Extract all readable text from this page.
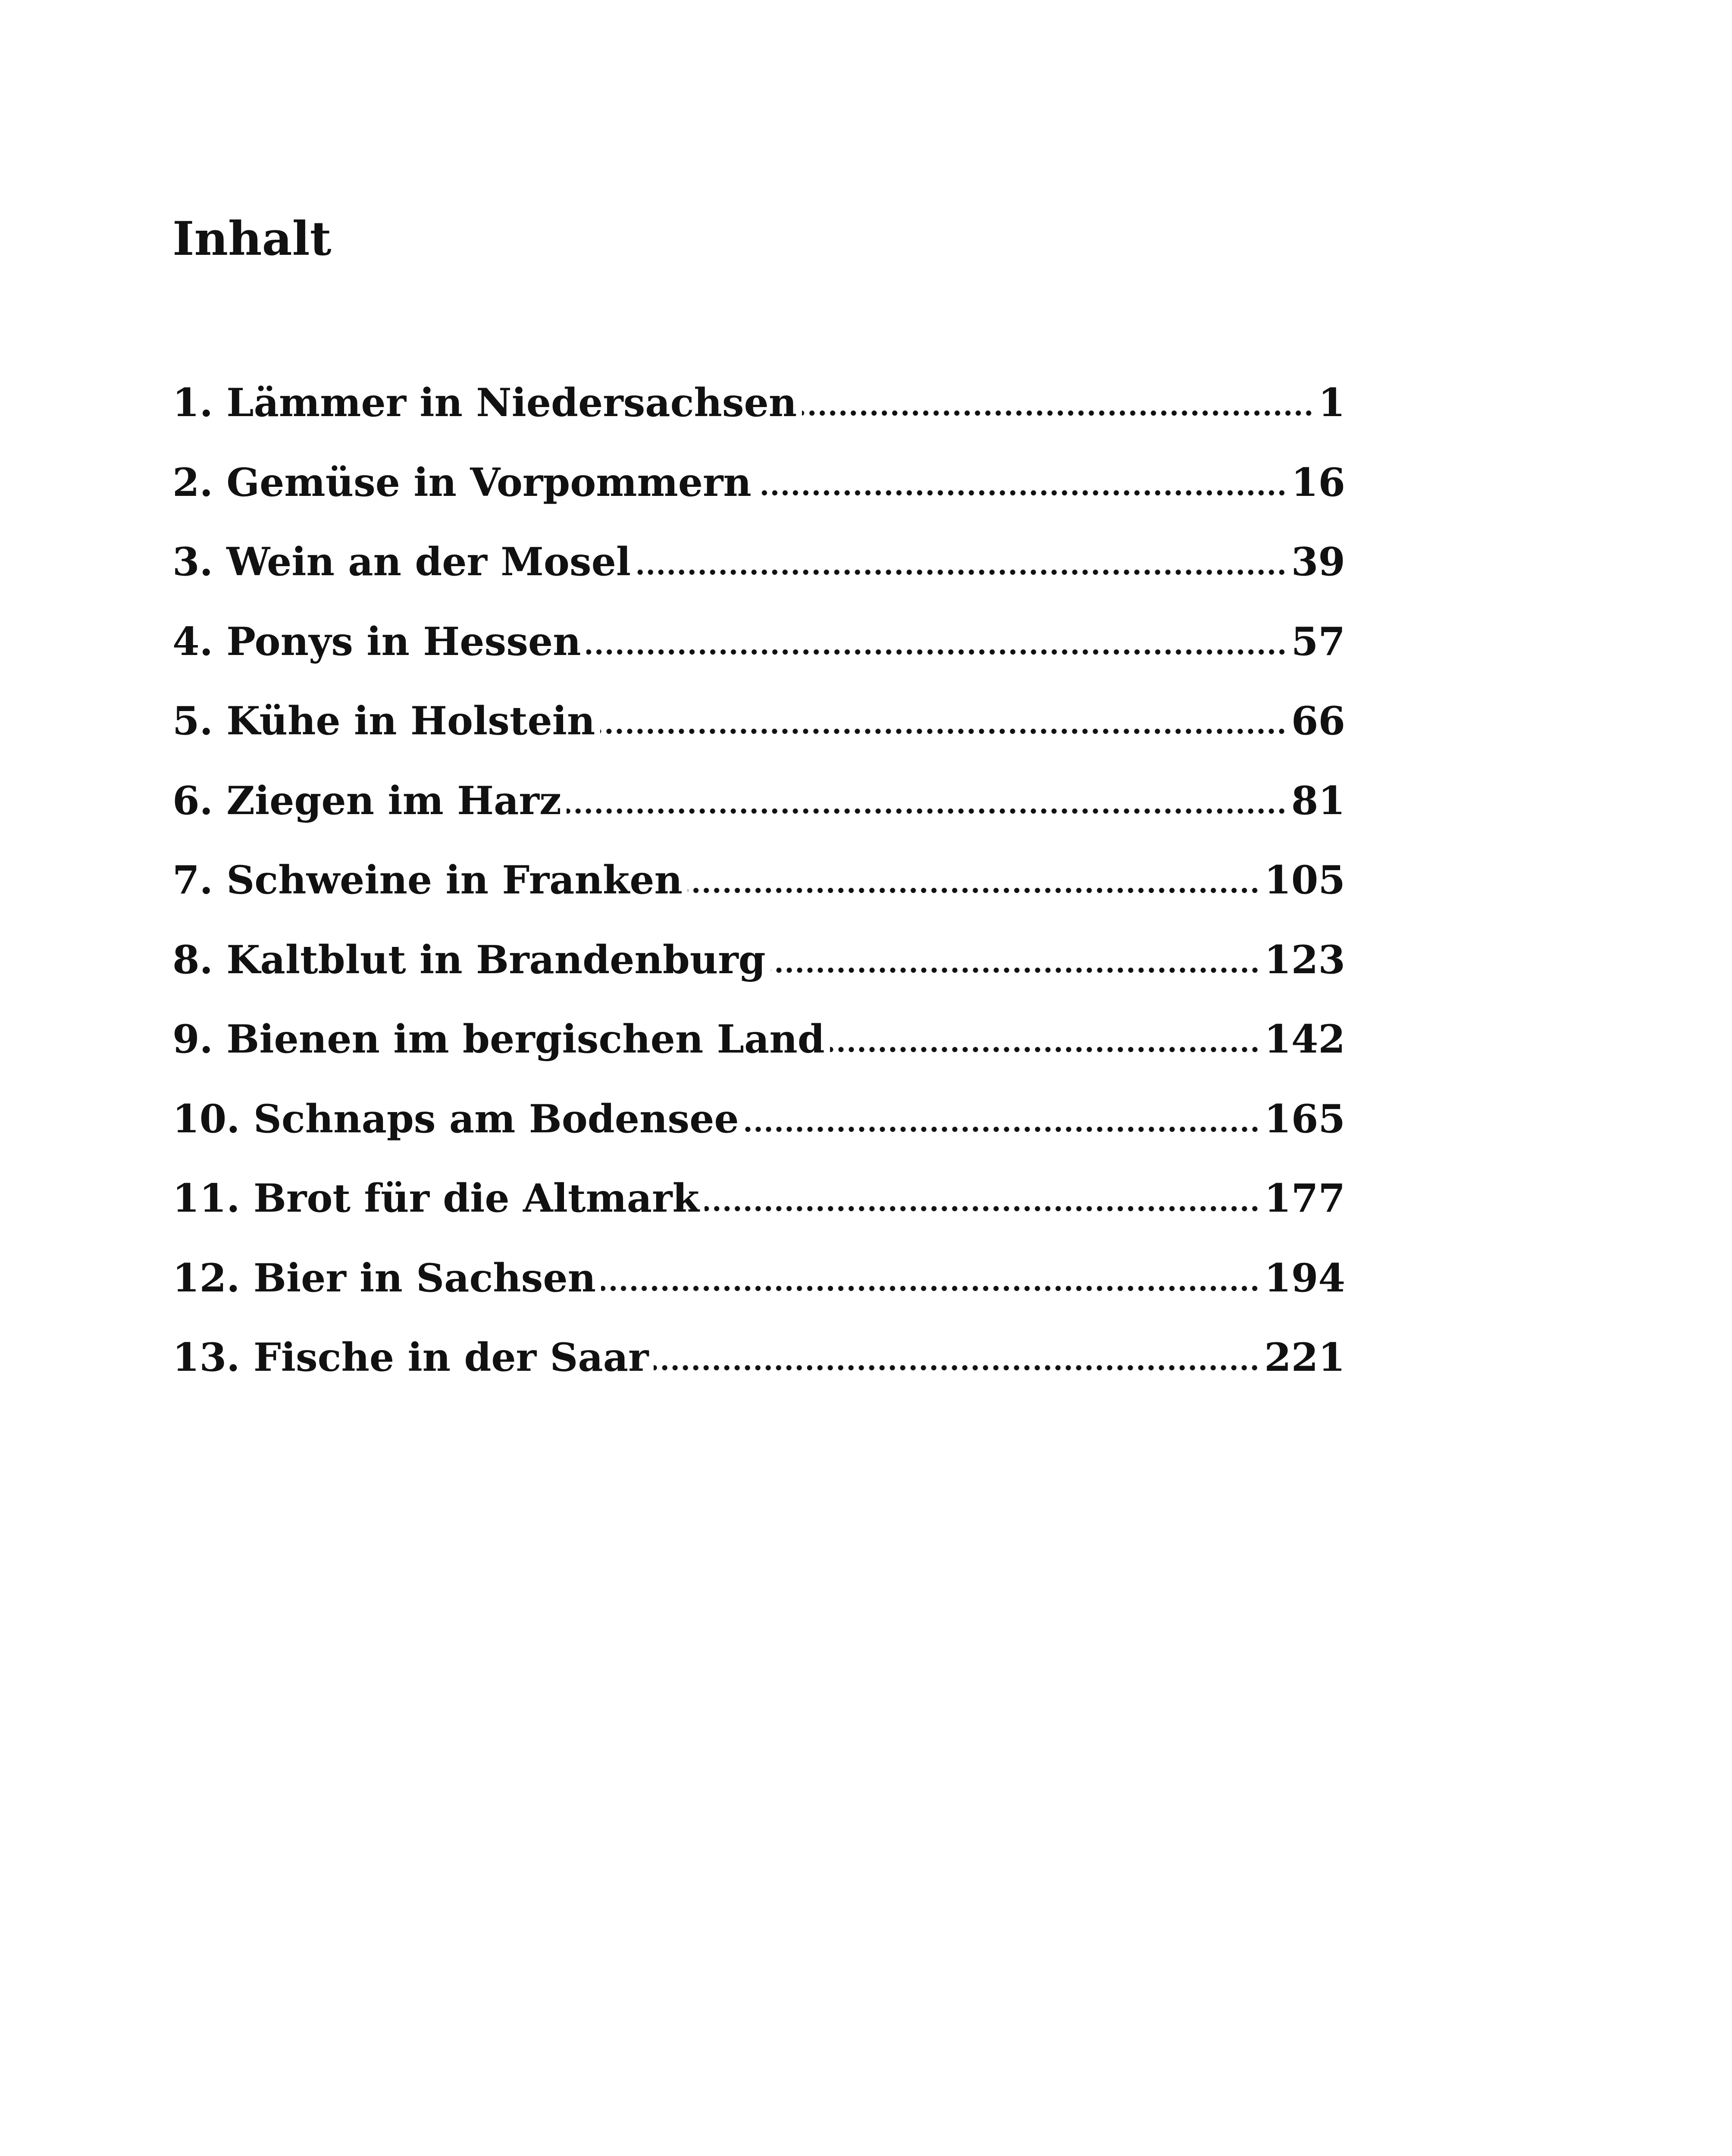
Inhalt
1. Lämmer in Niedersachsen	1
2. Gemüse in Vorpommern	16
3. Wein an der Mosel	39
4. Ponys in Hessen	57
5. Kühe in Holstein	66
6. Ziegen im Harz	81
7. Schweine in Franken	105
8. Kaltblut in Brandenburg	123
9. Bienen im bergischen Land	142
10. Schnaps am Bodensee	165
11. Brot für die Altmark	177
12. Bier in Sachsen	194
13. Fische in der Saar	221
